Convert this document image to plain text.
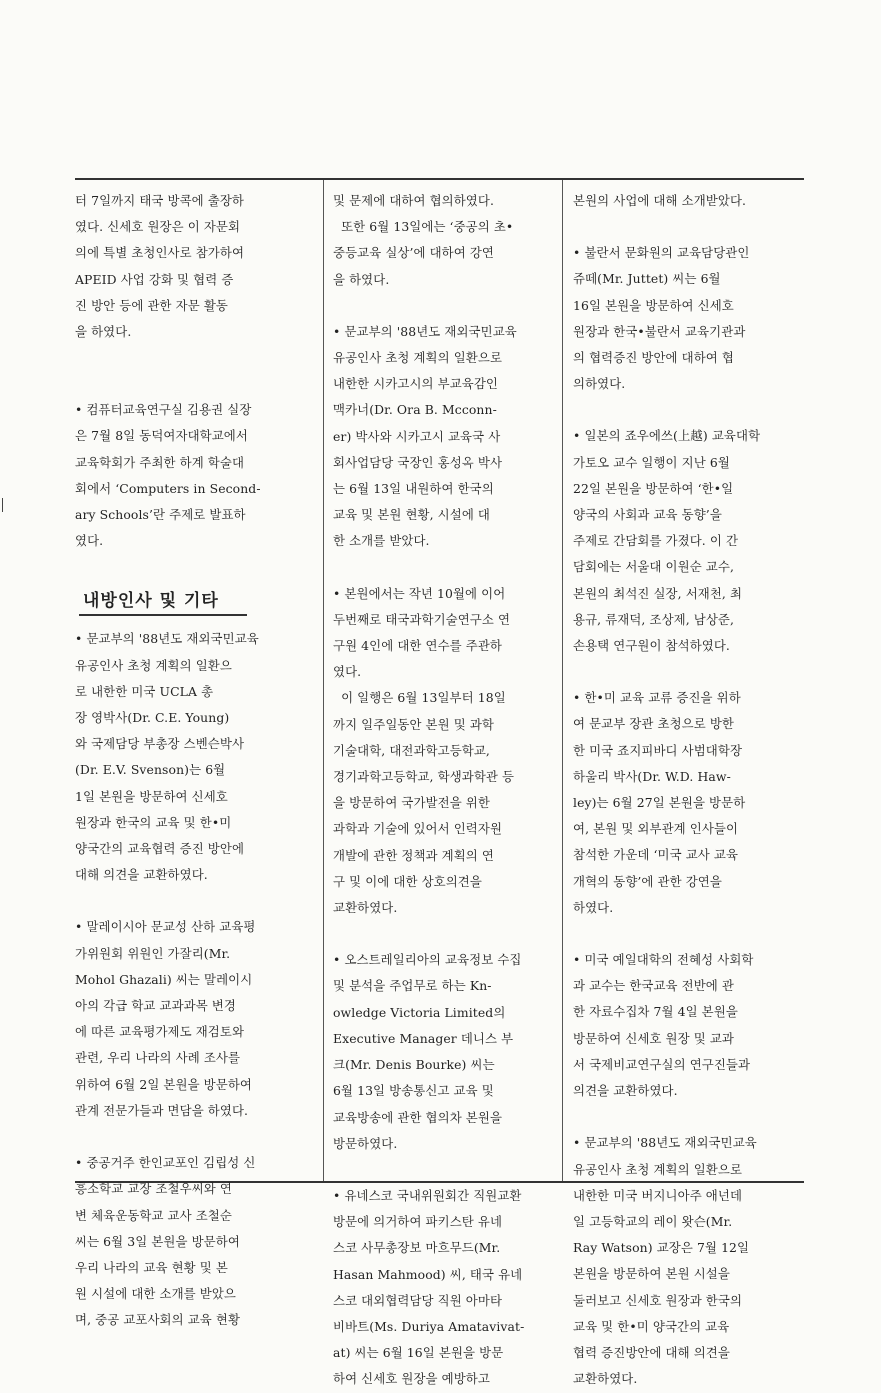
터 7일까지 태국 방콕에 출장하
였다. 신세호 원장은 이 자문회
의에 특별 초청인사로 참가하여
APEID 사업 강화 및 협력 증
진 방안 등에 관한 자문 활동
을 하였다.

• 컴퓨터교육연구실 김용권 실장
은 7월 8일 동덕여자대학교에서
교육학회가 주최한 하계 학술대
회에서 ‘Computers in Second-
ary Schools’란 주제로 발표하
였다.

내방인사 및 기타

• 문교부의 '88년도 재외국민교육
유공인사 초청 계획의 일환으
로 내한한 미국 UCLA 총
장 영박사(Dr. C.E. Young)
와 국제담당 부총장 스벤슨박사
(Dr. E.V. Svenson)는 6월
1일 본원을 방문하여 신세호
원장과 한국의 교육 및 한•미
양국간의 교육협력 증진 방안에
대해 의견을 교환하였다.

• 말레이시아 문교성 산하 교육평
가위원회 위원인 가잘리(Mr.
Mohol Ghazali) 씨는 말레이시
아의 각급 학교 교과과목 변경
에 따른 교육평가제도 재검토와
관련, 우리 나라의 사례 조사를
위하여 6월 2일 본원을 방문하여
관계 전문가들과 면담을 하였다.

• 중공거주 한인교포인 김립성 신
흥소학교 교장 조철우씨와 연
변 체육운동학교 교사 조철순
씨는 6월 3일 본원을 방문하여
우리 나라의 교육 현황 및 본
원 시설에 대한 소개를 받았으
며, 중공 교포사회의 교육 현황

및 문제에 대하여 협의하였다.
또한 6월 13일에는 ‘중공의 초•
중등교육 실상’에 대하여 강연
을 하였다.

• 문교부의 '88년도 재외국민교육
유공인사 초청 계획의 일환으로
내한한 시카고시의 부교육감인
맥카너(Dr. Ora B. Mcconn-
er) 박사와 시카고시 교육국 사
회사업담당 국장인 홍성옥 박사
는 6월 13일 내원하여 한국의
교육 및 본원 현황, 시설에 대
한 소개를 받았다.

• 본원에서는 작년 10월에 이어
두번째로 태국과학기술연구소 연
구원 4인에 대한 연수를 주관하
였다.
이 일행은 6월 13일부터 18일
까지 일주일동안 본원 및 과학
기술대학, 대전과학고등학교,
경기과학고등학교, 학생과학관 등
을 방문하여 국가발전을 위한
과학과 기술에 있어서 인력자원
개발에 관한 정책과 계획의 연
구 및 이에 대한 상호의견을
교환하였다.

• 오스트레일리아의 교육정보 수집
및 분석을 주업무로 하는 Kn-
owledge Victoria Limited의
Executive Manager 데니스 부
크(Mr. Denis Bourke) 씨는
6월 13일 방송통신고 교육 및
교육방송에 관한 협의차 본원을
방문하였다.

• 유네스코 국내위원회간 직원교환
방문에 의거하여 파키스탄 유네
스코 사무총장보 마흐무드(Mr.
Hasan Mahmood) 씨, 태국 유네
스코 대외협력담당 직원 아마타
비바트(Ms. Duriya Amatavivat-
at) 씨는 6월 16일 본원을 방문
하여 신세호 원장을 예방하고

본원의 사업에 대해 소개받았다.

• 불란서 문화원의 교육담당관인
쥬떼(Mr. Juttet) 씨는 6월
16일 본원을 방문하여 신세호
원장과 한국•불란서 교육기관과
의 협력증진 방안에 대하여 협
의하였다.

• 일본의 죠우에쓰(上越) 교육대학
가토오 교수 일행이 지난 6월
22일 본원을 방문하여 ‘한•일
양국의 사회과 교육 동향’을
주제로 간담회를 가졌다. 이 간
담회에는 서울대 이원순 교수,
본원의 최석진 실장, 서재천, 최
용규, 류재덕, 조상제, 남상준,
손용택 연구원이 참석하였다.

• 한•미 교육 교류 증진을 위하
여 문교부 장관 초청으로 방한
한 미국 죠지피바디 사범대학장
하울리 박사(Dr. W.D. Haw-
ley)는 6월 27일 본원을 방문하
여, 본원 및 외부관계 인사들이
참석한 가운데 ‘미국 교사 교육
개혁의 동향’에 관한 강연을
하였다.

• 미국 예일대학의 전혜성 사회학
과 교수는 한국교육 전반에 관
한 자료수집차 7월 4일 본원을
방문하여 신세호 원장 및 교과
서 국제비교연구실의 연구진들과
의견을 교환하였다.

• 문교부의 '88년도 재외국민교육
유공인사 초청 계획의 일환으로
내한한 미국 버지니아주 애넌데
일 고등학교의 레이 왓슨(Mr.
Ray Watson) 교장은 7월 12일
본원을 방문하여 본원 시설을
둘러보고 신세호 원장과 한국의
교육 및 한•미 양국간의 교육
협력 증진방안에 대해 의견을
교환하였다.
